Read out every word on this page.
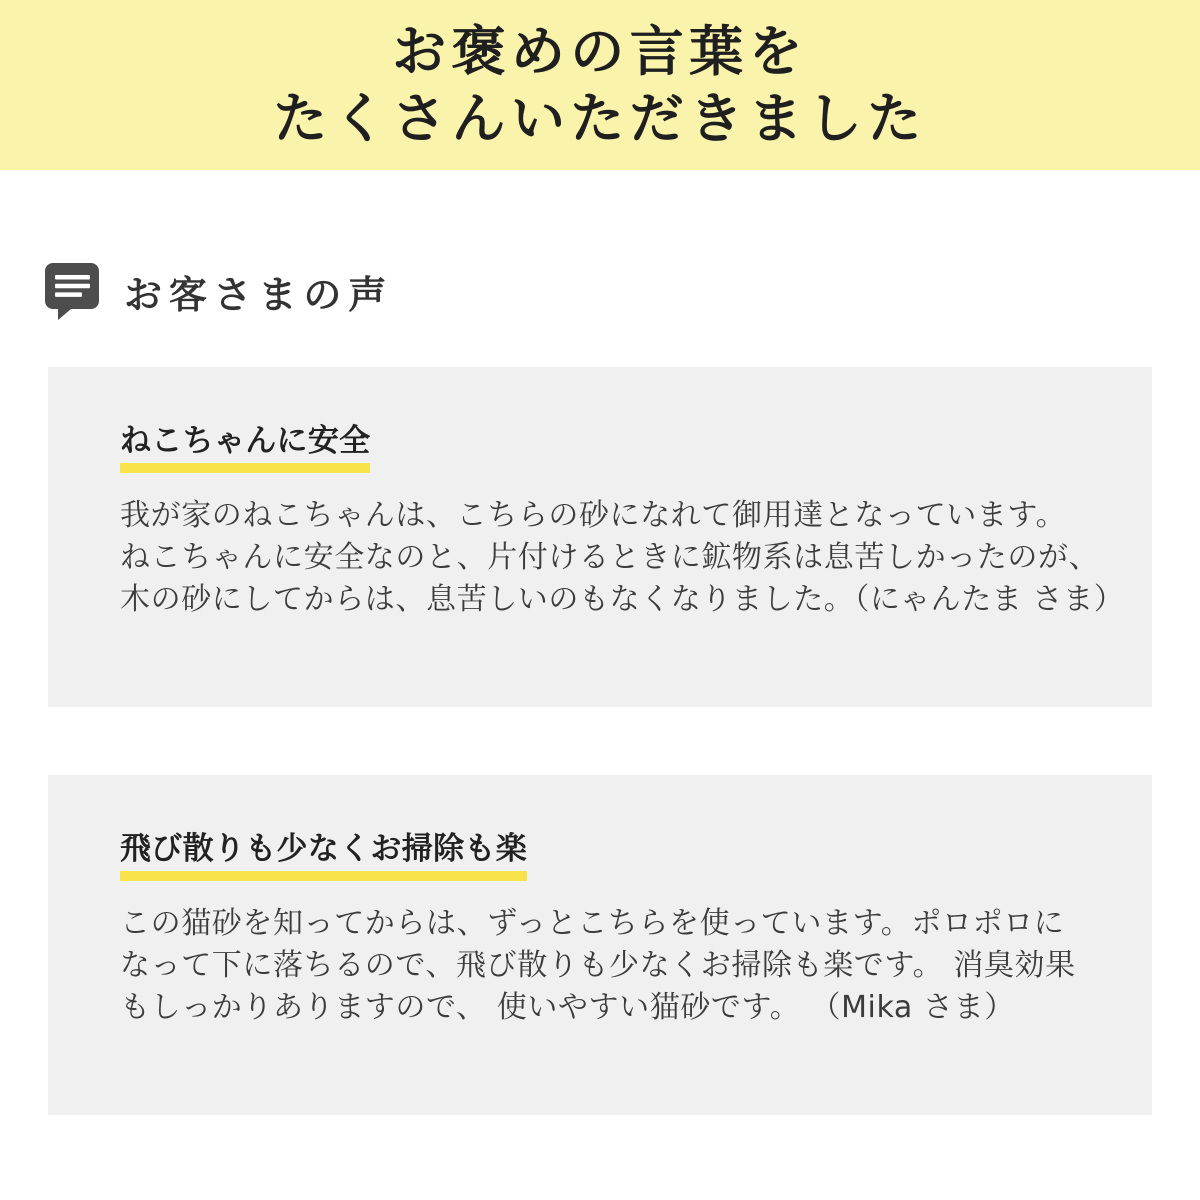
お褒めの言葉を
たくさんいただきました
お客さまの声
ねこちゃんに安全

我が家のねこちゃんは、こちらの砂になれて御用達となっています。

ねこちゃんに安全なのと、片付けるときに鉱物系は息苦しかったのが、

木の砂にしてからは、息苦しいのもなくなりました。（にゃんたま さま）

飛び散りも少なくお掃除も楽

この猫砂を知ってからは、ずっとこちらを使っています。ポロポロに

なって下に落ちるので、飛び散りも少なくお掃除も楽です。 消臭効果

もしっかりありますので、 使いやすい猫砂です。 （Mika さま）
